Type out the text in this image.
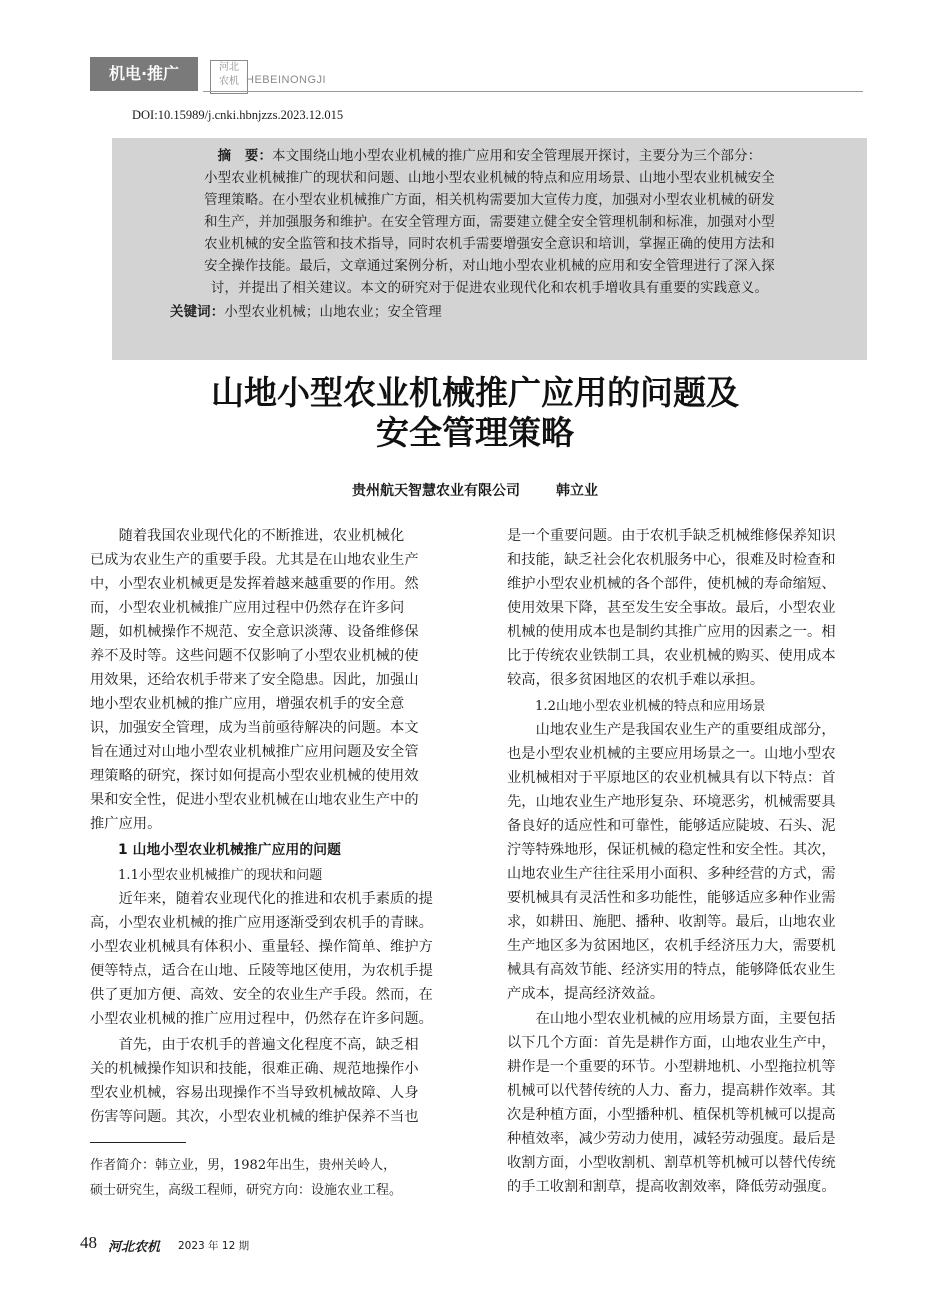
机电·推广	河北
农机 HEBEINONGJI
DOI:10.15989/j.cnki.hbnjzzs.2023.12.015
摘　要：本文围绕山地小型农业机械的推广应用和安全管理展开探讨，主要分为三个部分：
小型农业机械推广的现状和问题、山地小型农业机械的特点和应用场景、山地小型农业机械安全
管理策略。在小型农业机械推广方面，相关机构需要加大宣传力度，加强对小型农业机械的研发
和生产，并加强服务和维护。在安全管理方面，需要建立健全安全管理机制和标准，加强对小型
农业机械的安全监管和技术指导，同时农机手需要增强安全意识和培训，掌握正确的使用方法和
安全操作技能。最后，文章通过案例分析，对山地小型农业机械的应用和安全管理进行了深入探
讨，并提出了相关建议。本文的研究对于促进农业现代化和农机手增收具有重要的实践意义。
关键词：小型农业机械；山地农业；安全管理
山地小型农业机械推广应用的问题及
安全管理策略
贵州航天智慧农业有限公司	韩立业
　　随着我国农业现代化的不断推进，农业机械化
已成为农业生产的重要手段。尤其是在山地农业生产
中，小型农业机械更是发挥着越来越重要的作用。然
而，小型农业机械推广应用过程中仍然存在许多问
题，如机械操作不规范、安全意识淡薄、设备维修保
养不及时等。这些问题不仅影响了小型农业机械的使
用效果，还给农机手带来了安全隐患。因此，加强山
地小型农业机械的推广应用，增强农机手的安全意
识，加强安全管理，成为当前亟待解决的问题。本文
旨在通过对山地小型农业机械推广应用问题及安全管
理策略的研究，探讨如何提高小型农业机械的使用效
果和安全性，促进小型农业机械在山地农业生产中的
推广应用。
1 山地小型农业机械推广应用的问题
1.1小型农业机械推广的现状和问题
　　近年来，随着农业现代化的推进和农机手素质的提
高，小型农业机械的推广应用逐渐受到农机手的青睐。
小型农业机械具有体积小、重量轻、操作简单、维护方
便等特点，适合在山地、丘陵等地区使用，为农机手提
供了更加方便、高效、安全的农业生产手段。然而，在
小型农业机械的推广应用过程中，仍然存在许多问题。
　　首先，由于农机手的普遍文化程度不高，缺乏相
关的机械操作知识和技能，很难正确、规范地操作小
型农业机械，容易出现操作不当导致机械故障、人身
伤害等问题。其次，小型农业机械的维护保养不当也
作者简介：韩立业，男，1982年出生，贵州关岭人，
硕士研究生，高级工程师，研究方向：设施农业工程。
是一个重要问题。由于农机手缺乏机械维修保养知识
和技能，缺乏社会化农机服务中心，很难及时检查和
维护小型农业机械的各个部件，使机械的寿命缩短、
使用效果下降，甚至发生安全事故。最后，小型农业
机械的使用成本也是制约其推广应用的因素之一。相
比于传统农业铁制工具，农业机械的购买、使用成本
较高，很多贫困地区的农机手难以承担。
1.2山地小型农业机械的特点和应用场景
　　山地农业生产是我国农业生产的重要组成部分，
也是小型农业机械的主要应用场景之一。山地小型农
业机械相对于平原地区的农业机械具有以下特点：首
先，山地农业生产地形复杂、环境恶劣，机械需要具
备良好的适应性和可靠性，能够适应陡坡、石头、泥
泞等特殊地形，保证机械的稳定性和安全性。其次，
山地农业生产往往采用小面积、多种经营的方式，需
要机械具有灵活性和多功能性，能够适应多种作业需
求，如耕田、施肥、播种、收割等。最后，山地农业
生产地区多为贫困地区，农机手经济压力大，需要机
械具有高效节能、经济实用的特点，能够降低农业生
产成本，提高经济效益。
　　在山地小型农业机械的应用场景方面，主要包括
以下几个方面：首先是耕作方面，山地农业生产中，
耕作是一个重要的环节。小型耕地机、小型拖拉机等
机械可以代替传统的人力、畜力，提高耕作效率。其
次是种植方面，小型播种机、植保机等机械可以提高
种植效率，减少劳动力使用，减轻劳动强度。最后是
收割方面，小型收割机、割草机等机械可以替代传统
的手工收割和割草，提高收割效率，降低劳动强度。
48 河北农机 2023 年 12 期
